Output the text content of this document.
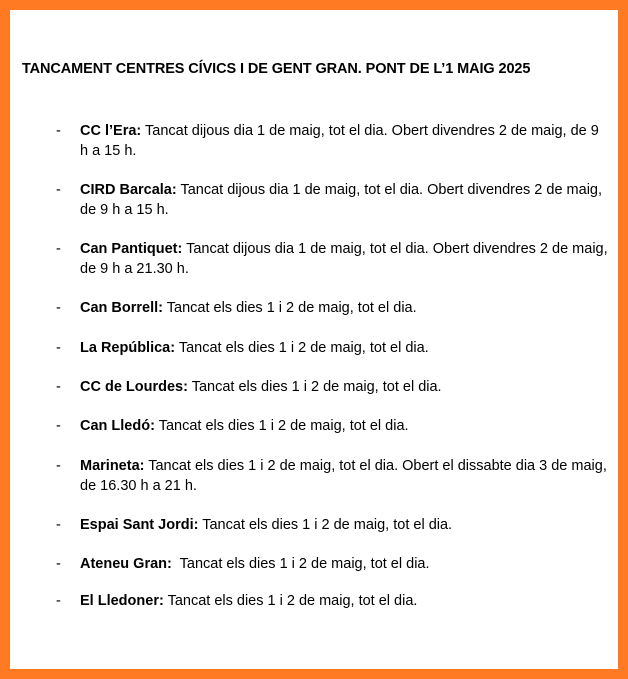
TANCAMENT CENTRES CÍVICS I DE GENT GRAN. PONT DE L’1 MAIG 2025
- CC l’Era: Tancat dijous dia 1 de maig, tot el dia. Obert divendres 2 de maig, de 9 h a 15 h.
- CIRD Barcala: Tancat dijous dia 1 de maig, tot el dia. Obert divendres 2 de maig, de 9 h a 15 h.
- Can Pantiquet: Tancat dijous dia 1 de maig, tot el dia. Obert divendres 2 de maig, de 9 h a 21.30 h.
- Can Borrell: Tancat els dies 1 i 2 de maig, tot el dia.
- La República: Tancat els dies 1 i 2 de maig, tot el dia.
- CC de Lourdes: Tancat els dies 1 i 2 de maig, tot el dia.
- Can Lledó: Tancat els dies 1 i 2 de maig, tot el dia.
- Marineta: Tancat els dies 1 i 2 de maig, tot el dia. Obert el dissabte dia 3 de maig, de 16.30 h a 21 h.
- Espai Sant Jordi: Tancat els dies 1 i 2 de maig, tot el dia.
- Ateneu Gran:  Tancat els dies 1 i 2 de maig, tot el dia.
- El Lledoner: Tancat els dies 1 i 2 de maig, tot el dia.
